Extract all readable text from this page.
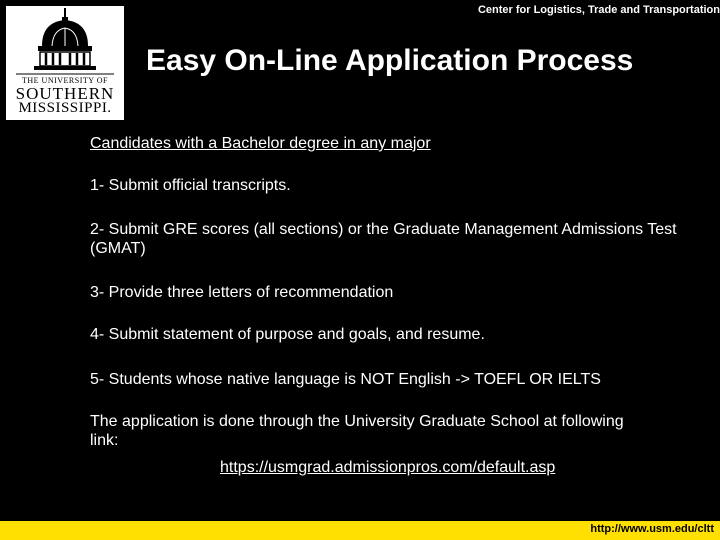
THE UNIVERSITY OF
SOUTHERN
MISSISSIPPI.
Center for Logistics, Trade and Transportation
Easy On-Line Application Process

Candidates with a Bachelor degree in any major

1- Submit official transcripts.

2- Submit GRE scores (all sections) or the Graduate Management Admissions Test (GMAT)

3- Provide three letters of recommendation

4- Submit statement of purpose and goals, and resume.

5- Students whose native language is NOT English -> TOEFL OR IELTS

The application is done through the University Graduate School at following link:

https://usmgrad.admissionpros.com/default.asp
http://www.usm.edu/cltt
